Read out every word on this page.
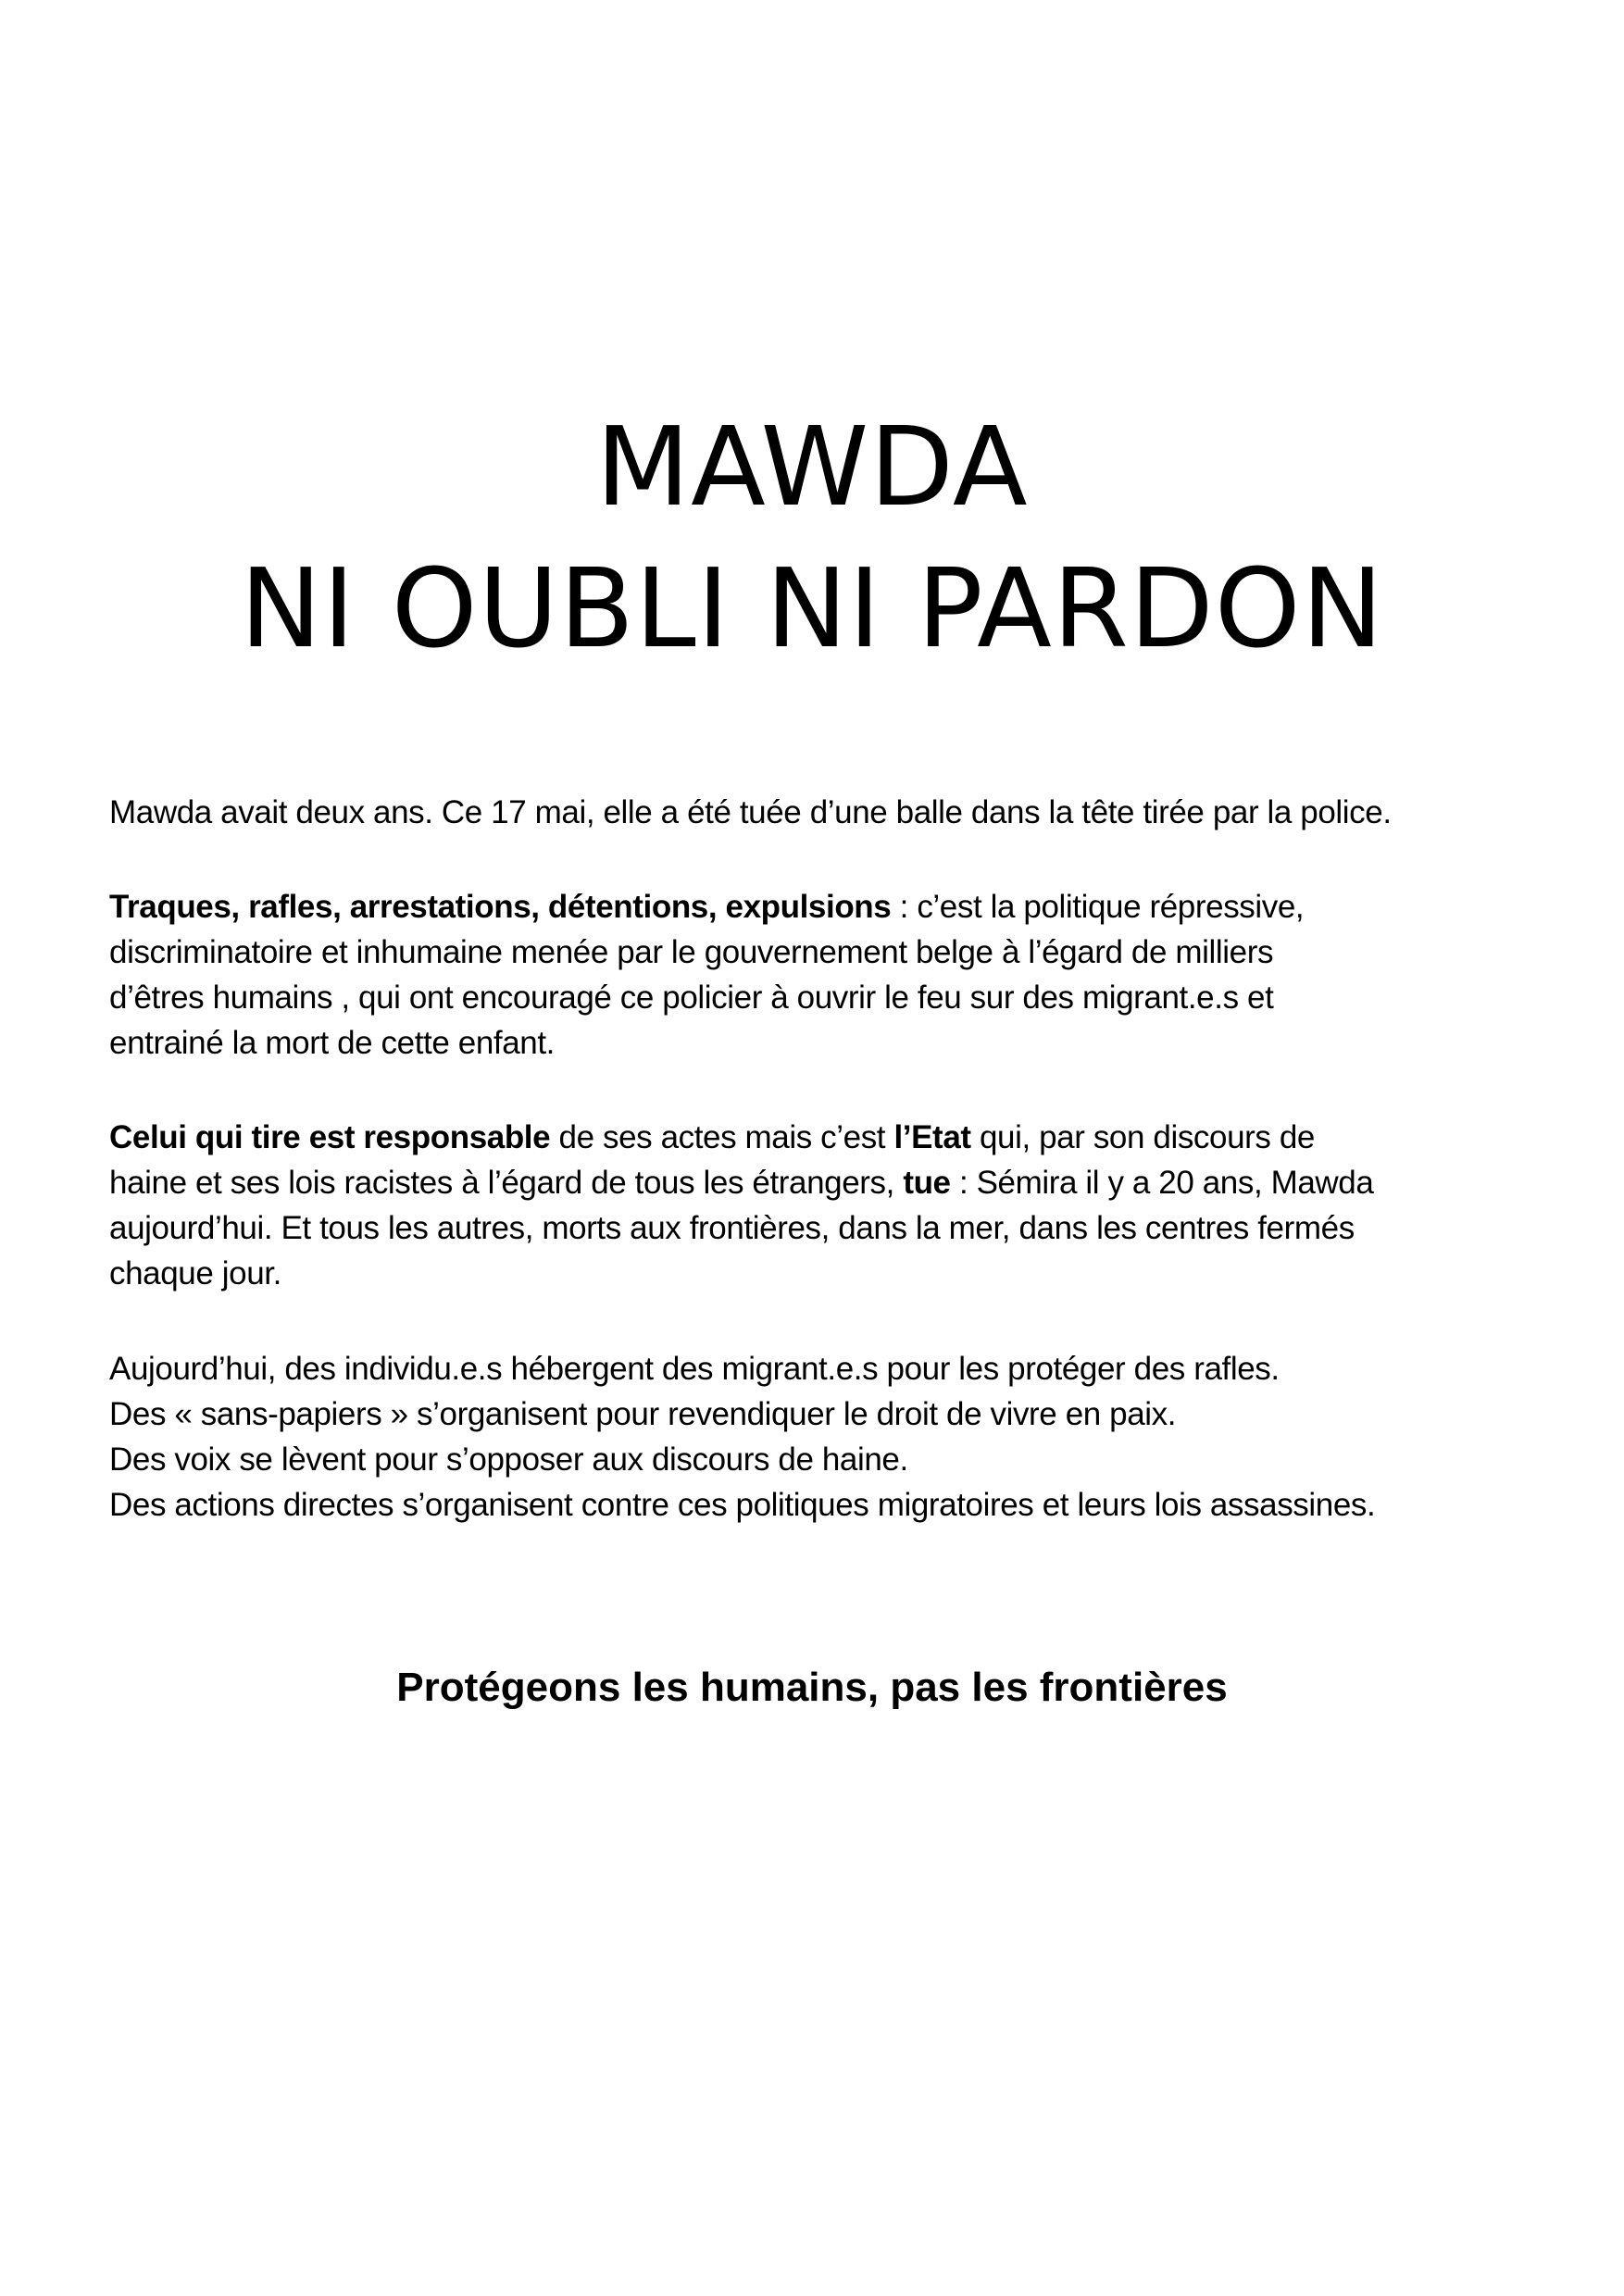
MAWDA
NI OUBLI NI PARDON

Mawda avait deux ans. Ce 17 mai, elle a été tuée d’une balle dans la tête tirée par la police.

Traques, rafles, arrestations, détentions, expulsions : c’est la politique répressive,
discriminatoire et inhumaine menée par le gouvernement belge à l’égard de milliers
d’êtres humains , qui ont encouragé ce policier à ouvrir le feu sur des migrant.e.s et
entrainé la mort de cette enfant.

Celui qui tire est responsable de ses actes mais c’est l’Etat qui, par son discours de
haine et ses lois racistes à l’égard de tous les étrangers, tue : Sémira il y a 20 ans, Mawda
aujourd’hui. Et tous les autres, morts aux frontières, dans la mer, dans les centres fermés
chaque jour.

Aujourd’hui, des individu.e.s hébergent des migrant.e.s pour les protéger des rafles.
Des « sans-papiers » s’organisent pour revendiquer le droit de vivre en paix.
Des voix se lèvent pour s’opposer aux discours de haine.
Des actions directes s’organisent contre ces politiques migratoires et leurs lois assassines.

Protégeons les humains, pas les frontières
